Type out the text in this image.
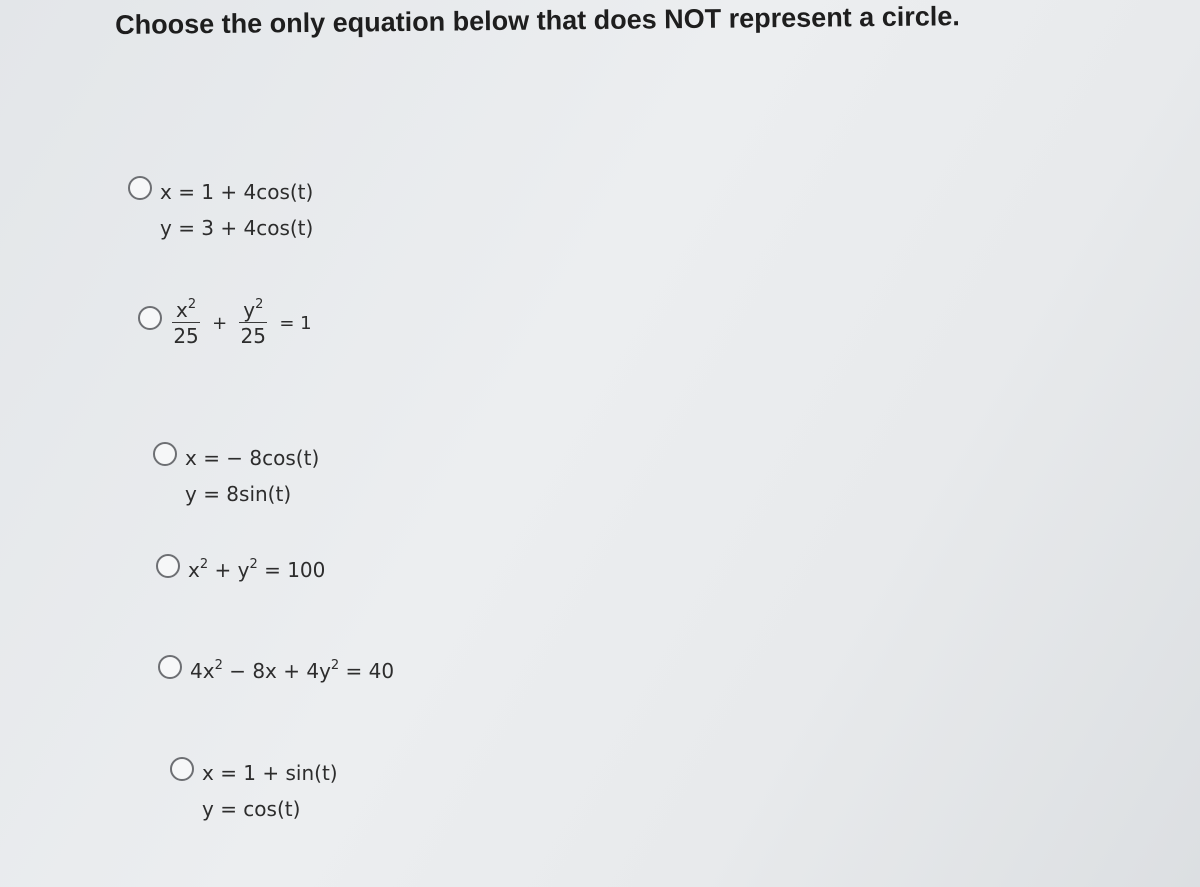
Choose the only equation below that does NOT represent a circle.
x = 1 + 4cos(t)
y = 3 + 4cos(t)
$\frac{x^2}{25} + \frac{y^2}{25} = 1$
x = − 8cos(t)
y = 8sin(t)
$x^2 + y^2 = 100$
$4x^2 - 8x + 4y^2 = 40$
x = 1 + sin(t)
y = cos(t)
